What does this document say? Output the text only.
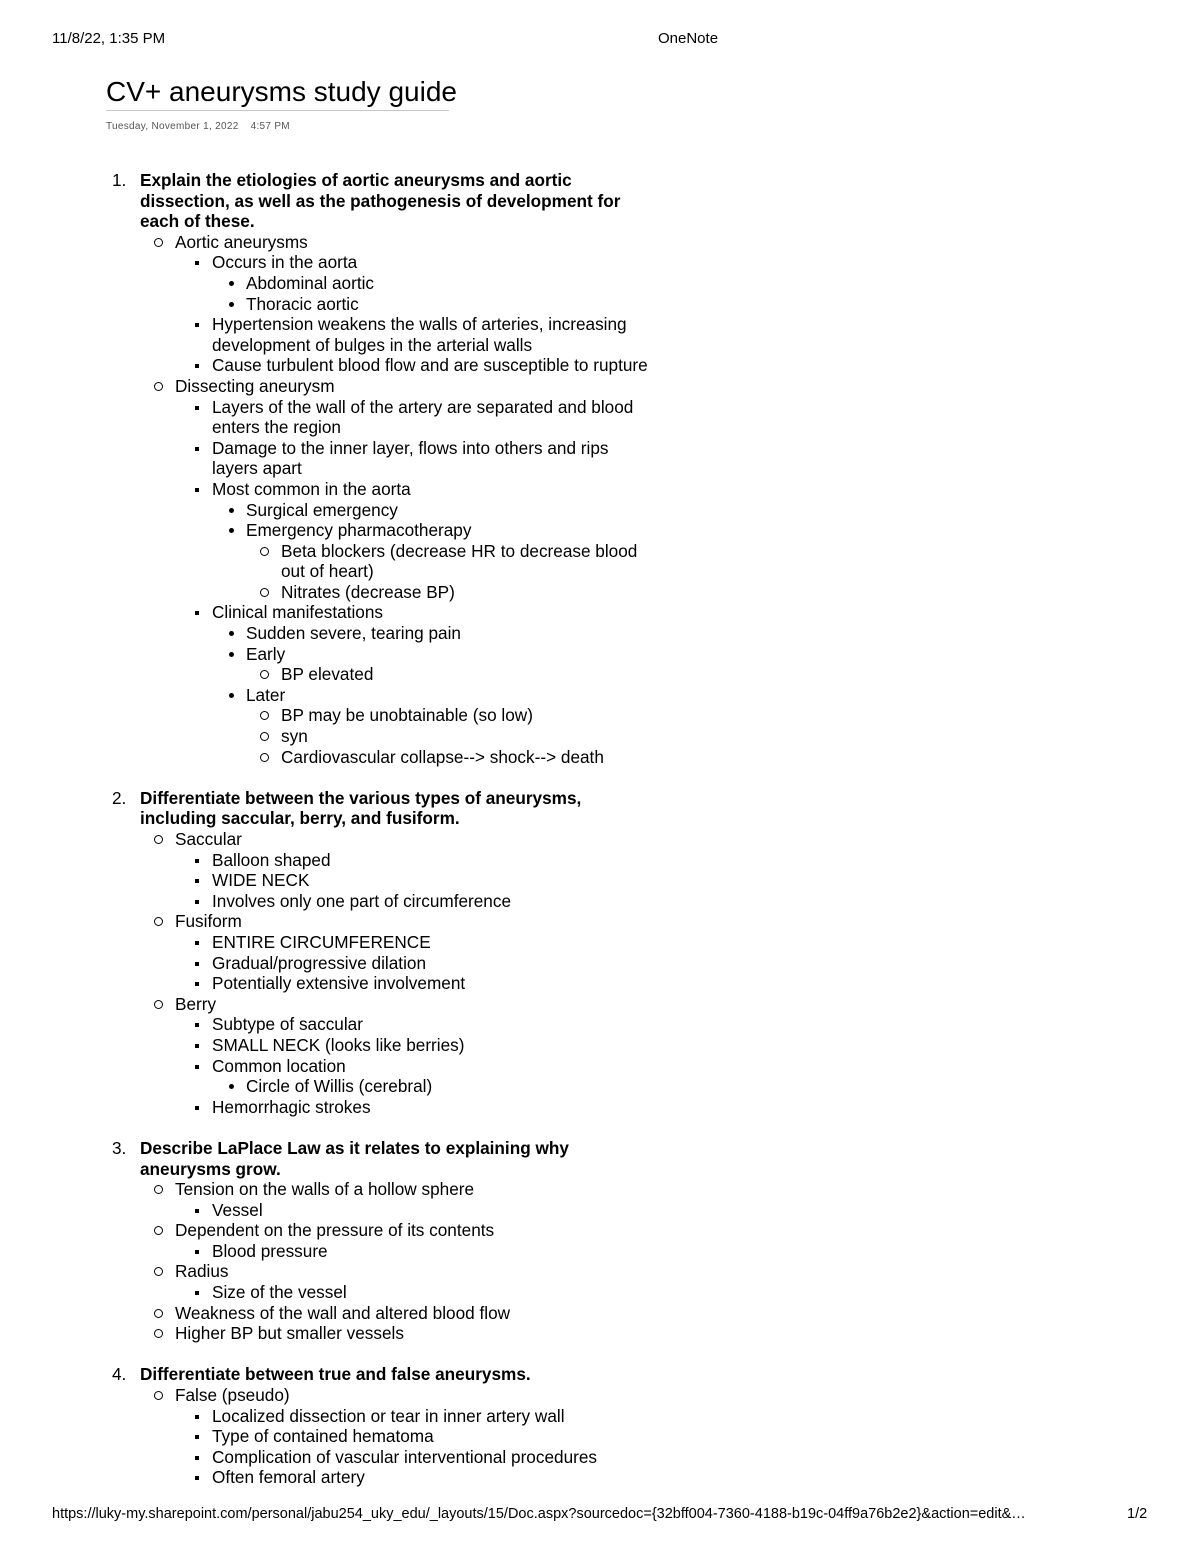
11/8/22, 1:35 PM	OneNote
CV+ aneurysms study guide
Tuesday, November 1, 2022 4:57 PM
1. Explain the etiologies of aortic aneurysms and aortic dissection, as well as the pathogenesis of development for each of these.
Aortic aneurysms
Occurs in the aorta
Abdominal aortic
Thoracic aortic
Hypertension weakens the walls of arteries, increasing development of bulges in the arterial walls
Cause turbulent blood flow and are susceptible to rupture
Dissecting aneurysm
Layers of the wall of the artery are separated and blood enters the region
Damage to the inner layer, flows into others and rips layers apart
Most common in the aorta
Surgical emergency
Emergency pharmacotherapy
Beta blockers (decrease HR to decrease blood out of heart)
Nitrates (decrease BP)
Clinical manifestations
Sudden severe, tearing pain
Early
BP elevated
Later
BP may be unobtainable (so low)
syn
Cardiovascular collapse--> shock--> death
2. Differentiate between the various types of aneurysms, including saccular, berry, and fusiform.
Saccular
Balloon shaped
WIDE NECK
Involves only one part of circumference
Fusiform
ENTIRE CIRCUMFERENCE
Gradual/progressive dilation
Potentially extensive involvement
Berry
Subtype of saccular
SMALL NECK (looks like berries)
Common location
Circle of Willis (cerebral)
Hemorrhagic strokes
3. Describe LaPlace Law as it relates to explaining why aneurysms grow.
Tension on the walls of a hollow sphere
Vessel
Dependent on the pressure of its contents
Blood pressure
Radius
Size of the vessel
Weakness of the wall and altered blood flow
Higher BP but smaller vessels
4. Differentiate between true and false aneurysms.
False (pseudo)
Localized dissection or tear in inner artery wall
Type of contained hematoma
Complication of vascular interventional procedures
Often femoral artery
https://luky-my.sharepoint.com/personal/jabu254_uky_edu/_layouts/15/Doc.aspx?sourcedoc={32bff004-7360-4188-b19c-04ff9a76b2e2}&action=edit&…	1/2
